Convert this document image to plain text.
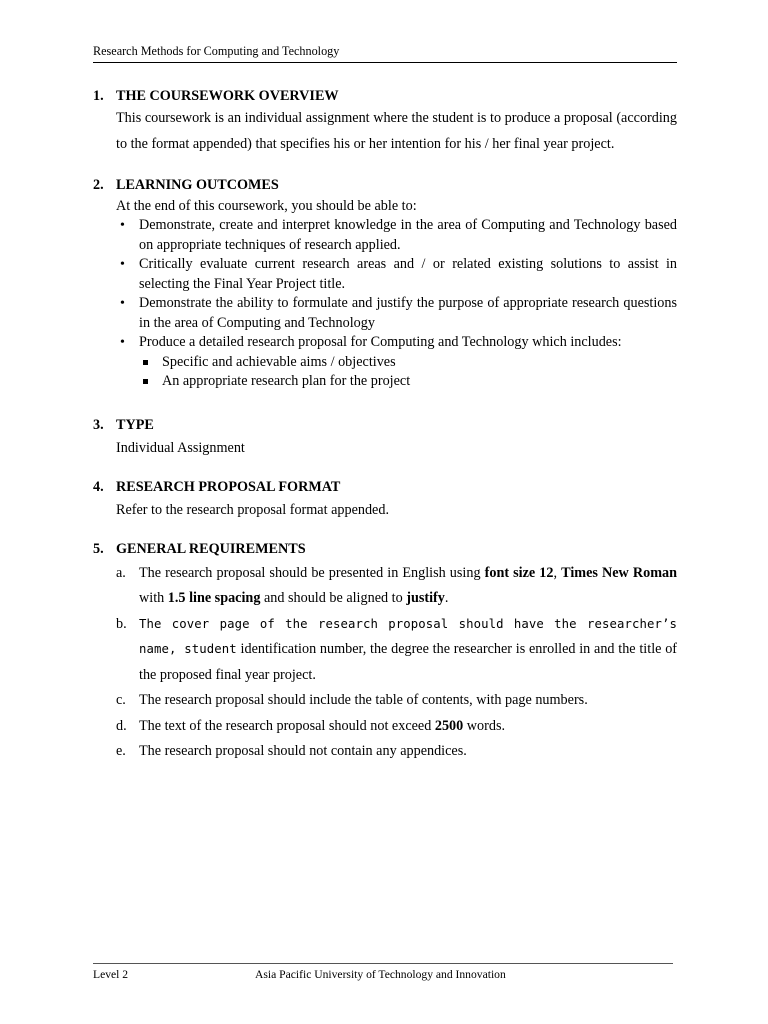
Research Methods for Computing and Technology
1. THE COURSEWORK OVERVIEW

This coursework is an individual assignment where the student is to produce a proposal (according to the format appended) that specifies his or her intention for his / her final year project.

2. LEARNING OUTCOMES

At the end of this coursework, you should be able to:

• Demonstrate, create and interpret knowledge in the area of Computing and Technology based on appropriate techniques of research applied.
• Critically evaluate current research areas and / or related existing solutions to assist in selecting the Final Year Project title.
• Demonstrate the ability to formulate and justify the purpose of appropriate research questions in the area of Computing and Technology
• Produce a detailed research proposal for Computing and Technology which includes:
Specific and achievable aims / objectives
An appropriate research plan for the project
3. TYPE

Individual Assignment

4. RESEARCH PROPOSAL FORMAT

Refer to the research proposal format appended.

5. GENERAL REQUIREMENTS
a. The research proposal should be presented in English using font size 12, Times New Roman with 1.5 line spacing and should be aligned to justify.
b. The cover page of the research proposal should have the researcher’s name, student identification number, the degree the researcher is enrolled in and the title of the proposed final year project.
c. The research proposal should include the table of contents, with page numbers.
d. The text of the research proposal should not exceed 2500 words.
e. The research proposal should not contain any appendices.
Level 2	Asia Pacific University of Technology and Innovation
